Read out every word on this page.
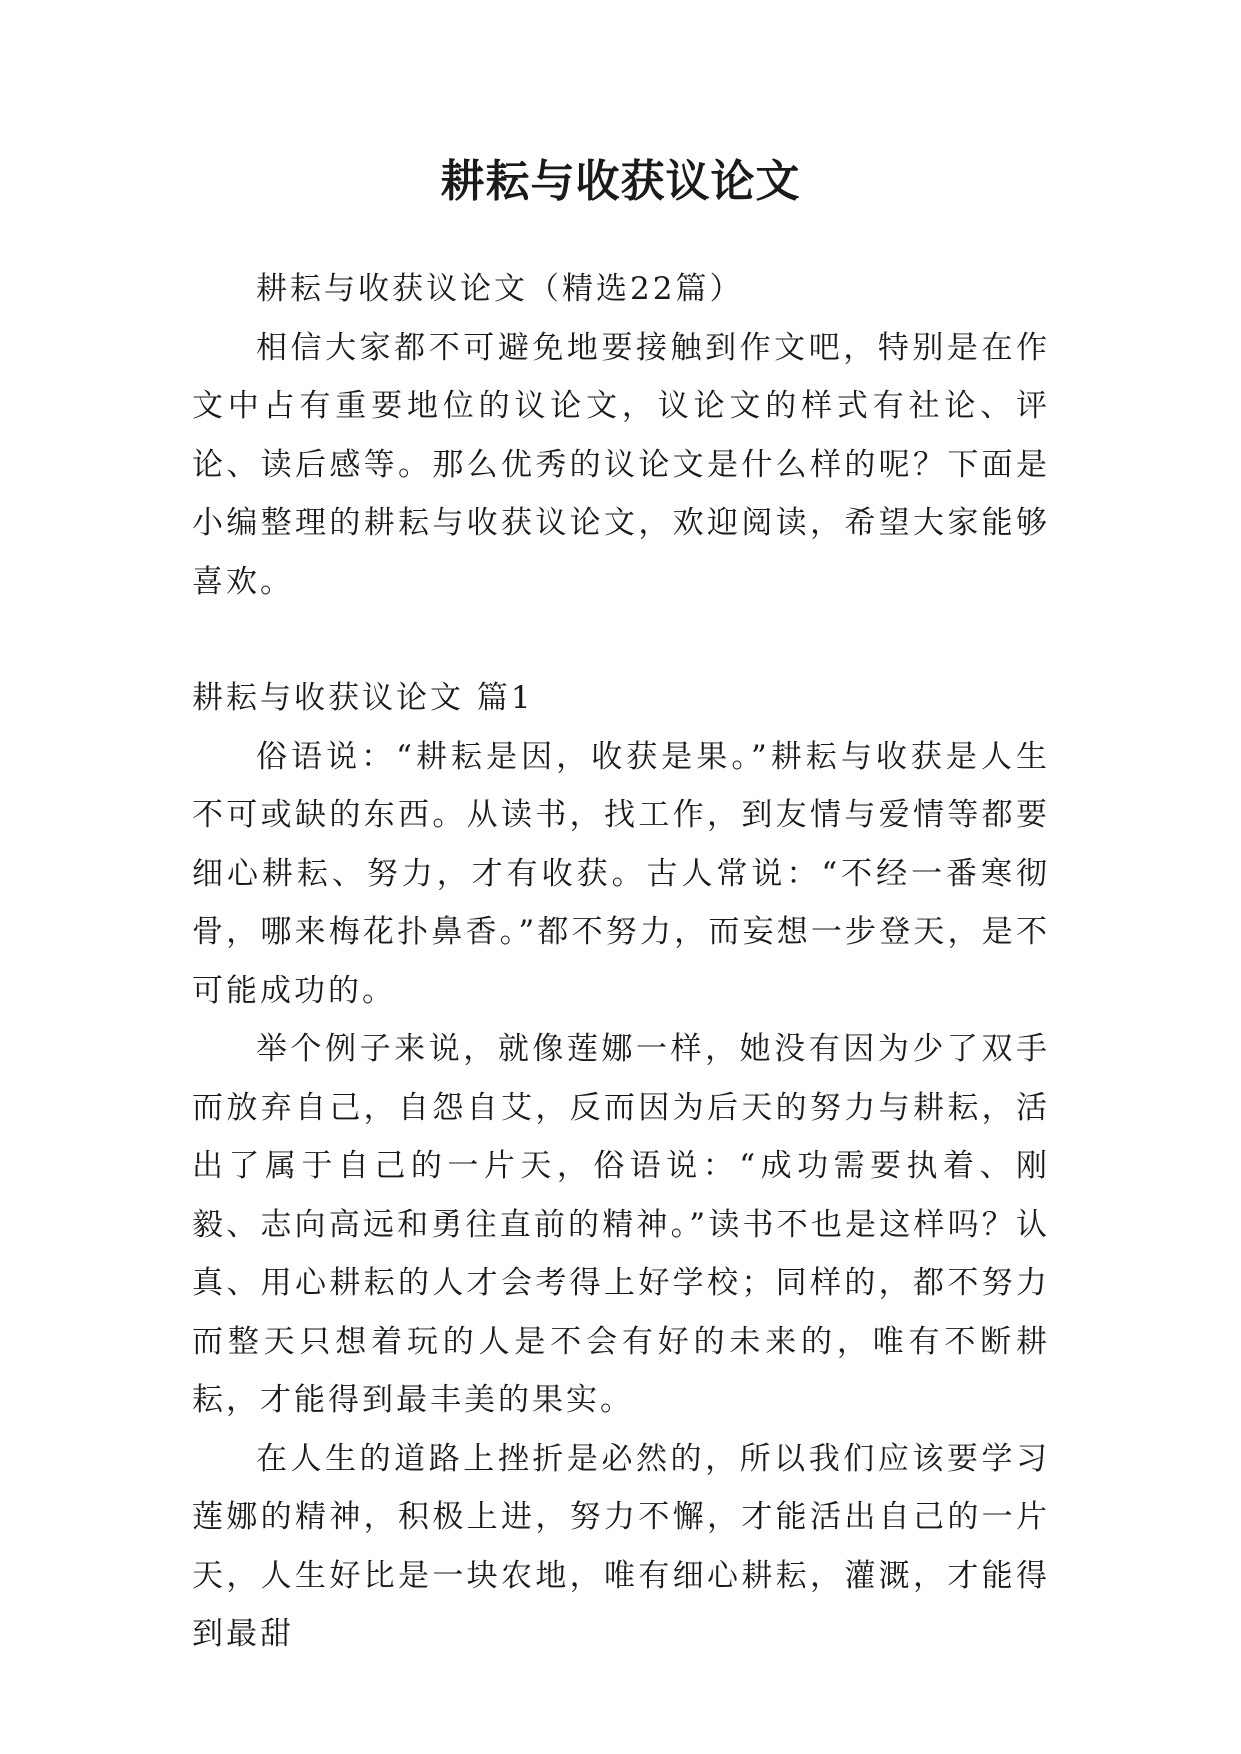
耕耘与收获议论文

耕耘与收获议论文（精选22篇）

相信大家都不可避免地要接触到作文吧，特别是在作文中占有重要地位的议论文，议论文的样式有社论、评论、读后感等。那么优秀的议论文是什么样的呢？下面是小编整理的耕耘与收获议论文，欢迎阅读，希望大家能够喜欢。

耕耘与收获议论文 篇1

俗语说：“耕耘是因，收获是果。”耕耘与收获是人生不可或缺的东西。从读书，找工作，到友情与爱情等都要细心耕耘、努力，才有收获。古人常说：“不经一番寒彻骨，哪来梅花扑鼻香。”都不努力，而妄想一步登天，是不可能成功的。

举个例子来说，就像莲娜一样，她没有因为少了双手而放弃自己，自怨自艾，反而因为后天的努力与耕耘，活出了属于自己的一片天，俗语说：“成功需要执着、刚毅、志向高远和勇往直前的精神。”读书不也是这样吗？认真、用心耕耘的人才会考得上好学校；同样的，都不努力而整天只想着玩的人是不会有好的未来的，唯有不断耕耘，才能得到最丰美的果实。

在人生的道路上挫折是必然的，所以我们应该要学习莲娜的精神，积极上进，努力不懈，才能活出自己的一片天，人生好比是一块农地，唯有细心耕耘，灌溉，才能得到最甜
